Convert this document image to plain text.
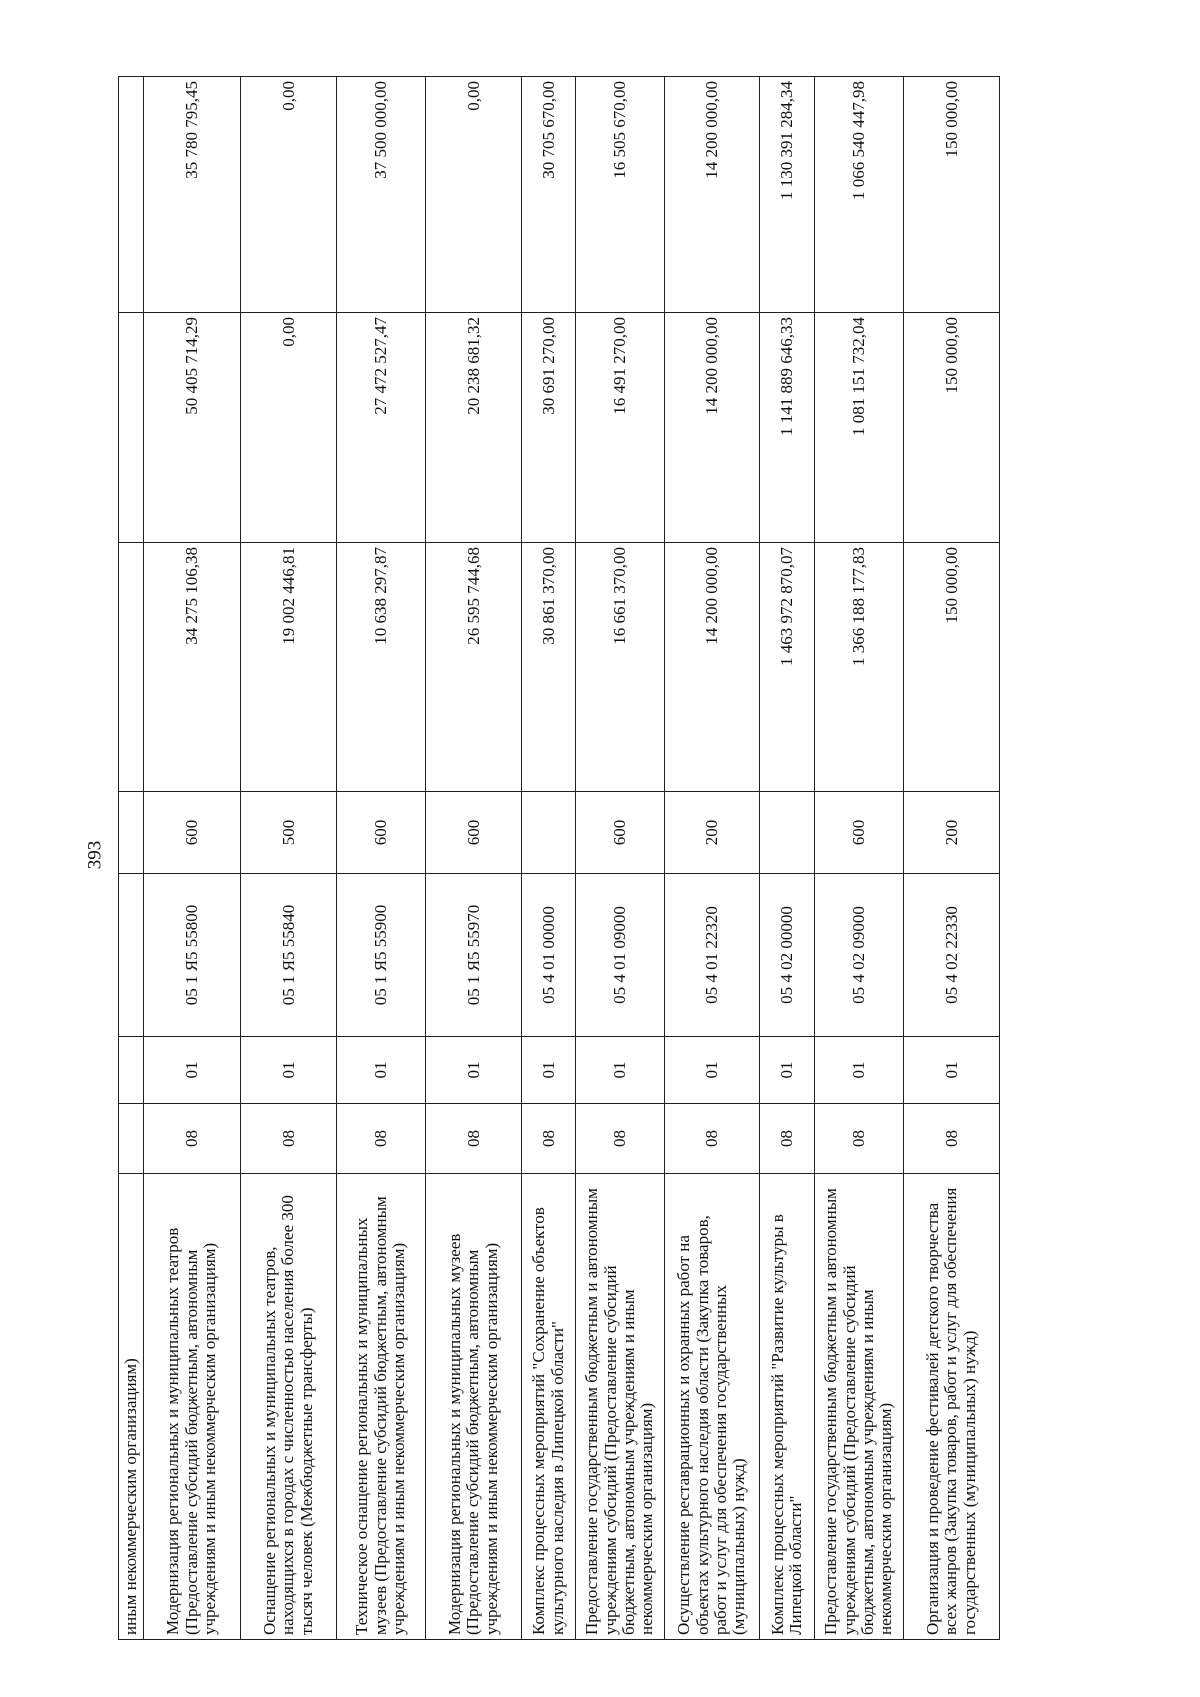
393
иным некоммерческим организациям)							
Модернизация региональных и муниципальных театров (Предоставление субсидий бюджетным, автономным учреждениям и иным некоммерческим организациям)	08	01	05 1 Я5 55800	600	34 275 106,38	50 405 714,29	35 780 795,45
Оснащение региональных и муниципальных театров, находящихся в городах с численностью населения более 300 тысяч человек (Межбюджетные трансферты)	08	01	05 1 Я5 55840	500	19 002 446,81	0,00	0,00
Техническое оснащение региональных и муниципальных музеев (Предоставление субсидий бюджетным, автономным учреждениям и иным некоммерческим организациям)	08	01	05 1 Я5 55900	600	10 638 297,87	27 472 527,47	37 500 000,00
Модернизация региональных и муниципальных музеев (Предоставление субсидий бюджетным, автономным учреждениям и иным некоммерческим организациям)	08	01	05 1 Я5 55970	600	26 595 744,68	20 238 681,32	0,00
Комплекс процессных мероприятий "Сохранение объектов культурного наследия в Липецкой области"	08	01	05 4 01 00000		30 861 370,00	30 691 270,00	30 705 670,00
Предоставление государственным бюджетным и автономным учреждениям субсидий (Предоставление субсидий бюджетным, автономным учреждениям и иным некоммерческим организациям)	08	01	05 4 01 09000	600	16 661 370,00	16 491 270,00	16 505 670,00
Осуществление реставрационных и охранных работ на объектах культурного наследия области (Закупка товаров, работ и услуг для обеспечения государственных (муниципальных) нужд)	08	01	05 4 01 22320	200	14 200 000,00	14 200 000,00	14 200 000,00
Комплекс процессных мероприятий "Развитие культуры в Липецкой области"	08	01	05 4 02 00000		1 463 972 870,07	1 141 889 646,33	1 130 391 284,34
Предоставление государственным бюджетным и автономным учреждениям субсидий (Предоставление субсидий бюджетным, автономным учреждениям и иным некоммерческим организациям)	08	01	05 4 02 09000	600	1 366 188 177,83	1 081 151 732,04	1 066 540 447,98
Организация и проведение фестивалей детского творчества всех жанров (Закупка товаров, работ и услуг для обеспечения государственных (муниципальных) нужд)	08	01	05 4 02 22330	200	150 000,00	150 000,00	150 000,00
